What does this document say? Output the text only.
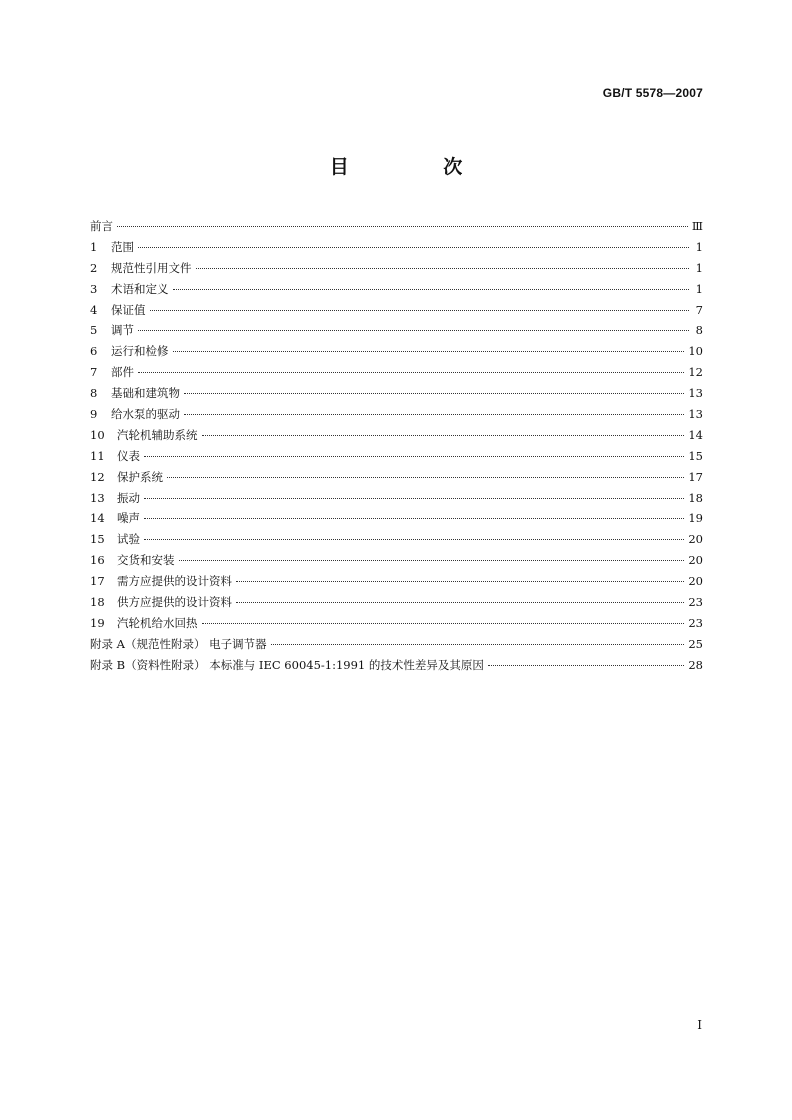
GB/T 5578—2007
目 次
前言	Ⅲ
1	范围	1
2	规范性引用文件	1
3	术语和定义	1
4	保证值	7
5	调节	8
6	运行和检修	10
7	部件	12
8	基础和建筑物	13
9	给水泵的驱动	13
10	汽轮机辅助系统	14
11	仪表	15
12	保护系统	17
13	振动	18
14	噪声	19
15	试验	20
16	交货和安装	20
17	需方应提供的设计资料	20
18	供方应提供的设计资料	23
19	汽轮机给水回热	23
附录 A（规范性附录） 电子调节器	25
附录 B（资料性附录） 本标准与 IEC 60045-1:1991 的技术性差异及其原因	28
I
